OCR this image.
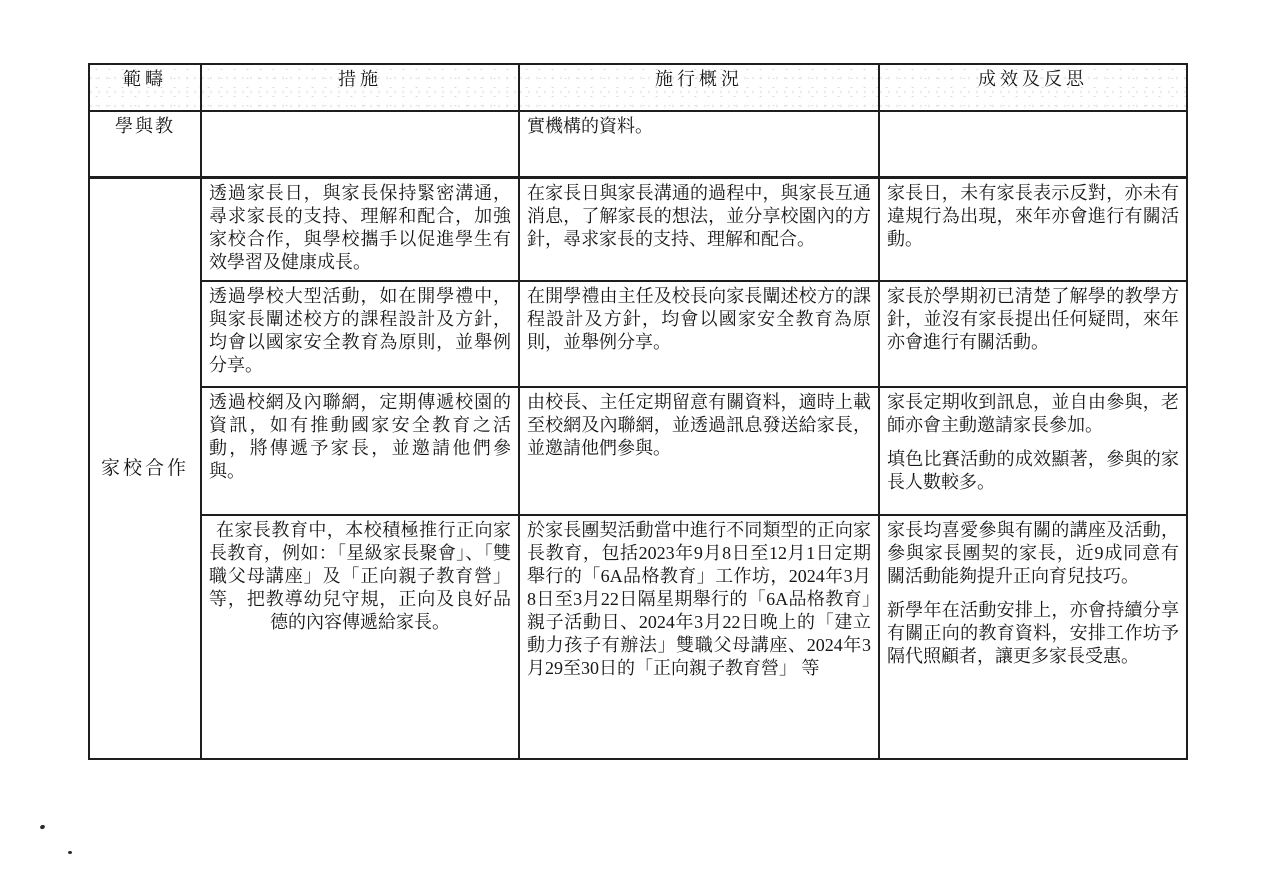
範疇	措施	施行概況	成效及反思
學與教		實機構的資料。	
家校合作	透過家長日，與家長保持緊密溝通，尋求家長的支持、理解和配合，加強家校合作，與學校攜手以促進學生有效學習及健康成長。	在家長日與家長溝通的過程中，與家長互通消息，了解家長的想法，並分享校園內的方針，尋求家長的支持、理解和配合。	家長日，未有家長表示反對，亦未有違規行為出現，來年亦會進行有關活動。

	透過學校大型活動，如在開學禮中，與家長闡述校方的課程設計及方針，均會以國家安全教育為原則，並舉例分享。	在開學禮由主任及校長向家長闡述校方的課程設計及方針，均會以國家安全教育為原則，並舉例分享。	家長於學期初已清楚了解學的教學方針，並沒有家長提出任何疑問，來年亦會進行有關活動。

	透過校網及內聯網，定期傳遞校園的資訊，如有推動國家安全教育之活動，將傳遞予家長，並邀請他們參與。	由校長、主任定期留意有關資料，適時上載至校網及內聯網，並透過訊息發送給家長，並邀請他們參與。	家長定期收到訊息，並自由參與，老師亦會主動邀請家長參加。

填色比賽活動的成效顯著，參與的家長人數較多。

	在家長教育中，本校積極推行正向家長教育，例如：「星級家長聚會」、「雙職父母講座」及「正向親子教育營」等，把教導幼兒守規，正向及良好品德的內容傳遞給家長。	於家長團契活動當中進行不同類型的正向家長教育，包括2023年9月8日至12月1日定期舉行的「6A品格教育」工作坊，2024年3月8日至3月22日隔星期舉行的「6A品格教育」親子活動日、2024年3月22日晚上的「建立動力孩子有辦法」雙職父母講座、2024年3月29至30日的「正向親子教育營」 等	家長均喜愛參與有關的講座及活動，參與家長團契的家長，近9成同意有關活動能夠提升正向育兒技巧。

新學年在活動安排上，亦會持續分享有關正向的教育資料，安排工作坊予隔代照顧者，讓更多家長受惠。
